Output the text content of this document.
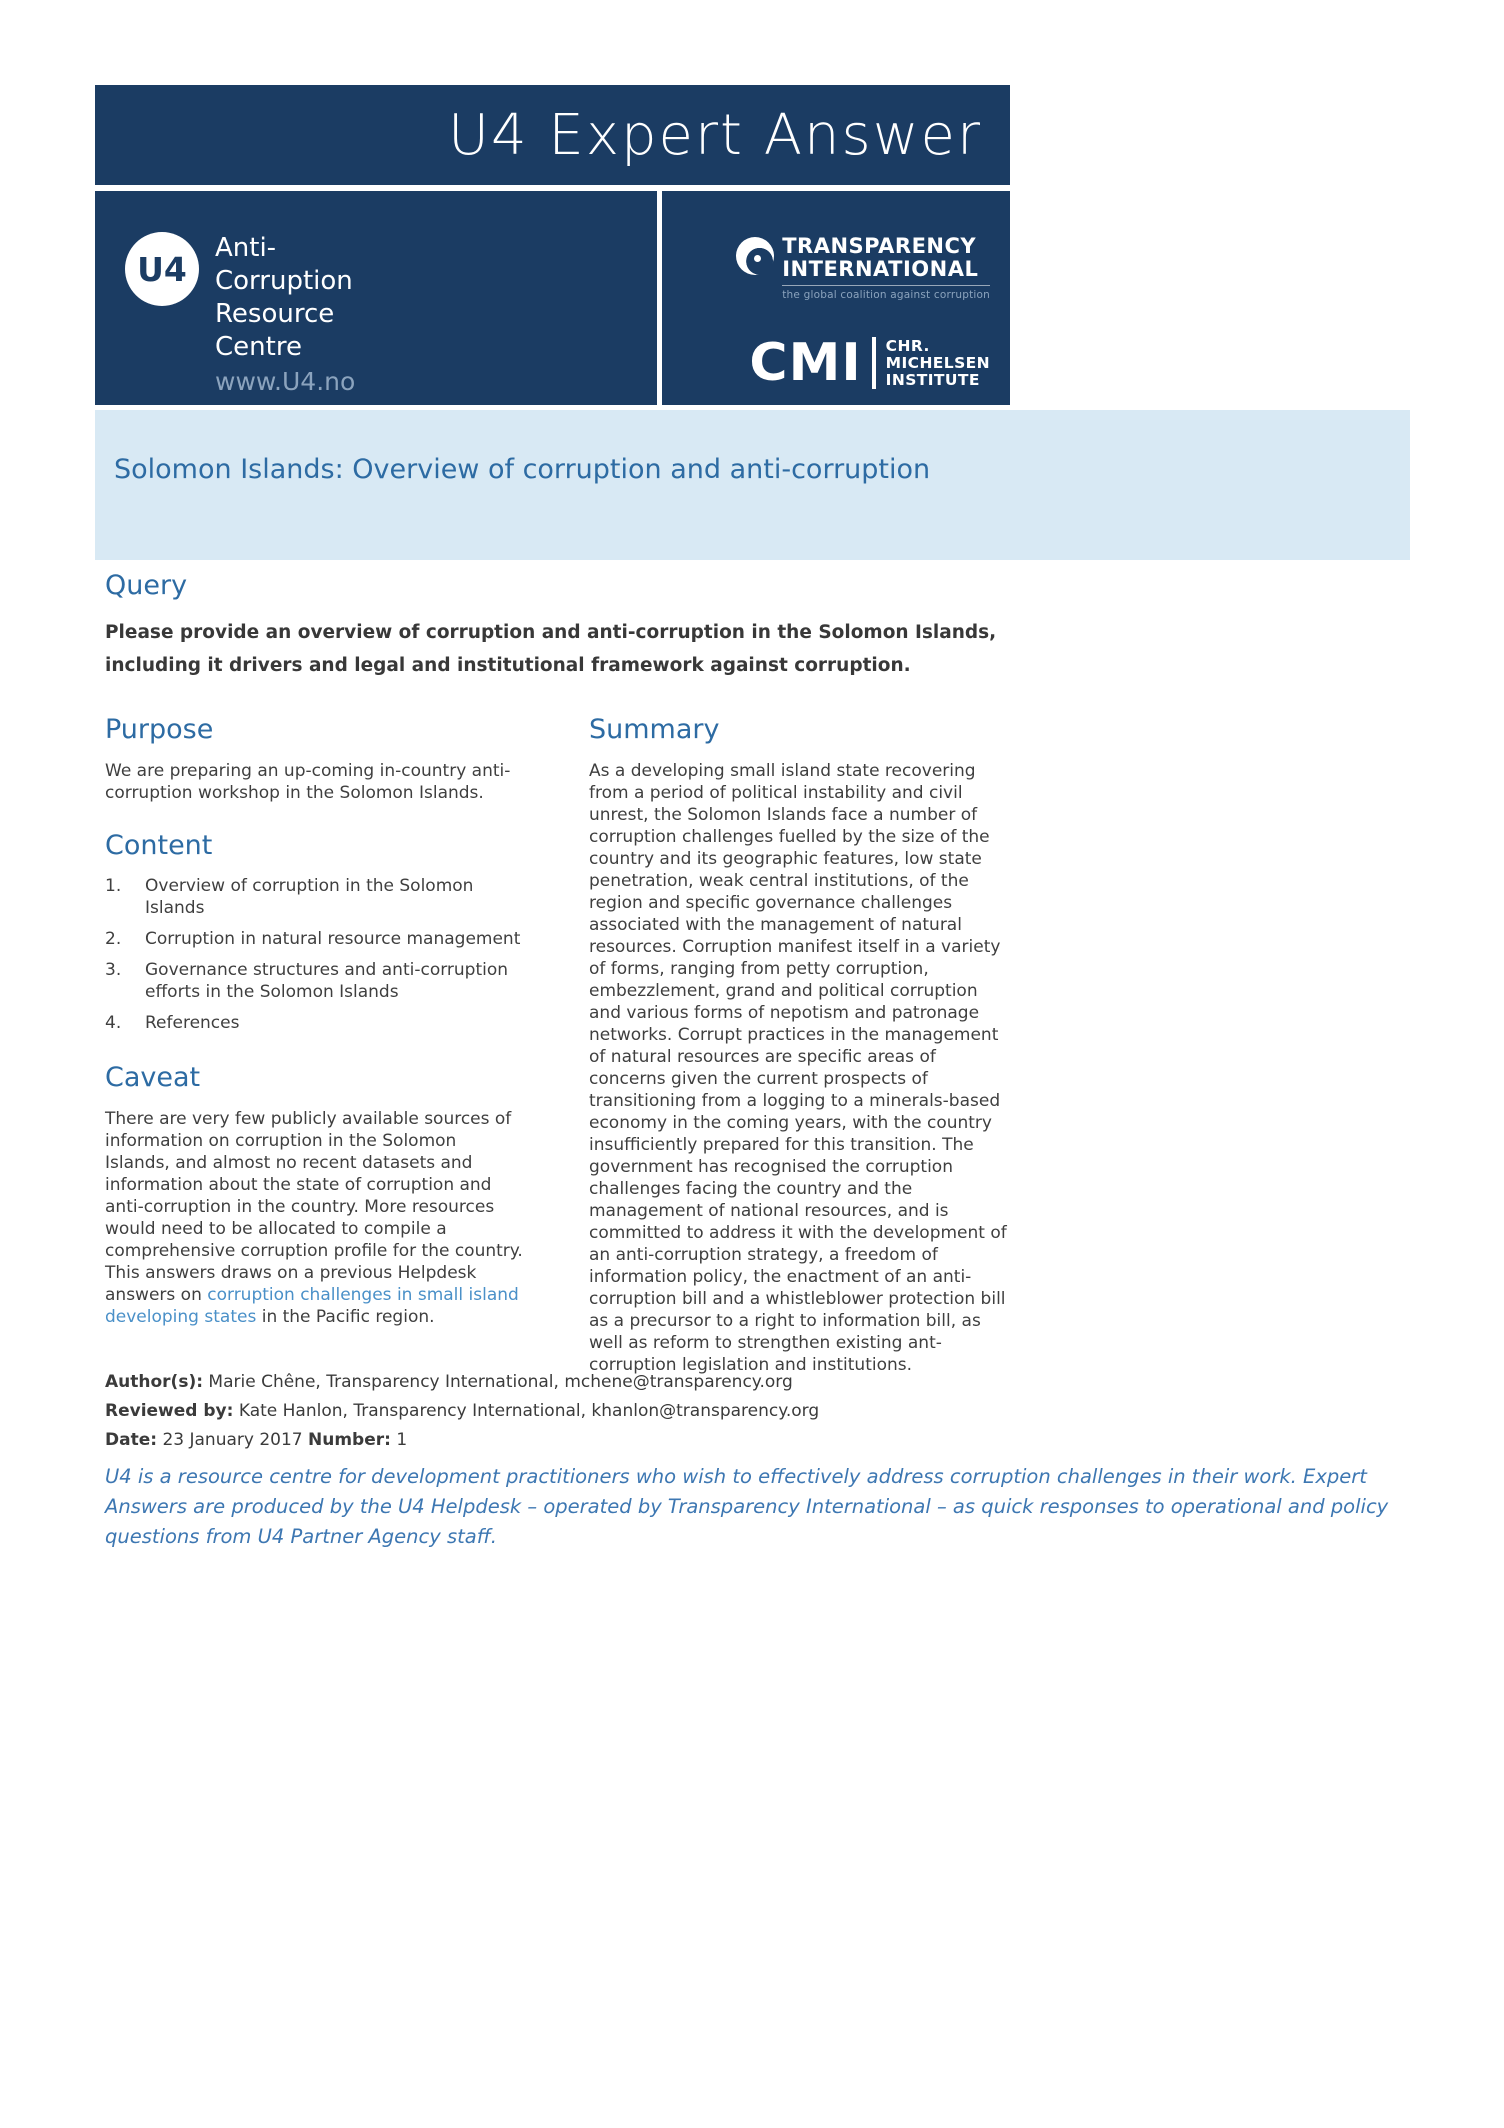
U4 Expert Answer
U4
Anti-
Corruption
Resource
Centre
www.U4.no
TRANSPARENCY
INTERNATIONAL
the global coalition against corruption
CMI CHR.
MICHELSEN
INSTITUTE
Solomon Islands: Overview of corruption and anti-corruption
Query
Please provide an overview of corruption and anti-corruption in the Solomon Islands, including it drivers and legal and institutional framework against corruption.
Purpose
We are preparing an up-coming in-country anti-corruption workshop in the Solomon Islands.
Content
1.	Overview of corruption in the Solomon Islands
2.	Corruption in natural resource management
3.	Governance structures and anti-corruption efforts in the Solomon Islands
4.	References
Caveat
There are very few publicly available sources of information on corruption in the Solomon Islands, and almost no recent datasets and information about the state of corruption and anti-corruption in the country. More resources would need to be allocated to compile a comprehensive corruption profile for the country. This answers draws on a previous Helpdesk answers on corruption challenges in small island developing states in the Pacific region.
Summary
As a developing small island state recovering from a period of political instability and civil unrest, the Solomon Islands face a number of corruption challenges fuelled by the size of the country and its geographic features, low state penetration, weak central institutions, of the region and specific governance challenges associated with the management of natural resources. Corruption manifest itself in a variety of forms, ranging from petty corruption, embezzlement, grand and political corruption and various forms of nepotism and patronage networks. Corrupt practices in the management of natural resources are specific areas of concerns given the current prospects of transitioning from a logging to a minerals-based economy in the coming years, with the country insufficiently prepared for this transition. The government has recognised the corruption challenges facing the country and the management of national resources, and is committed to address it with the development of an anti-corruption strategy, a freedom of information policy, the enactment of an anti-corruption bill and a whistleblower protection bill as a precursor to a right to information bill, as well as reform to strengthen existing ant-corruption legislation and institutions.
Author(s): Marie Chêne, Transparency International, mchene@transparency.org
Reviewed by: Kate Hanlon, Transparency International, khanlon@transparency.org
Date: 23 January 2017 Number: 1
U4 is a resource centre for development practitioners who wish to effectively address corruption challenges in their work. Expert Answers are produced by the U4 Helpdesk – operated by Transparency International – as quick responses to operational and policy questions from U4 Partner Agency staff.
